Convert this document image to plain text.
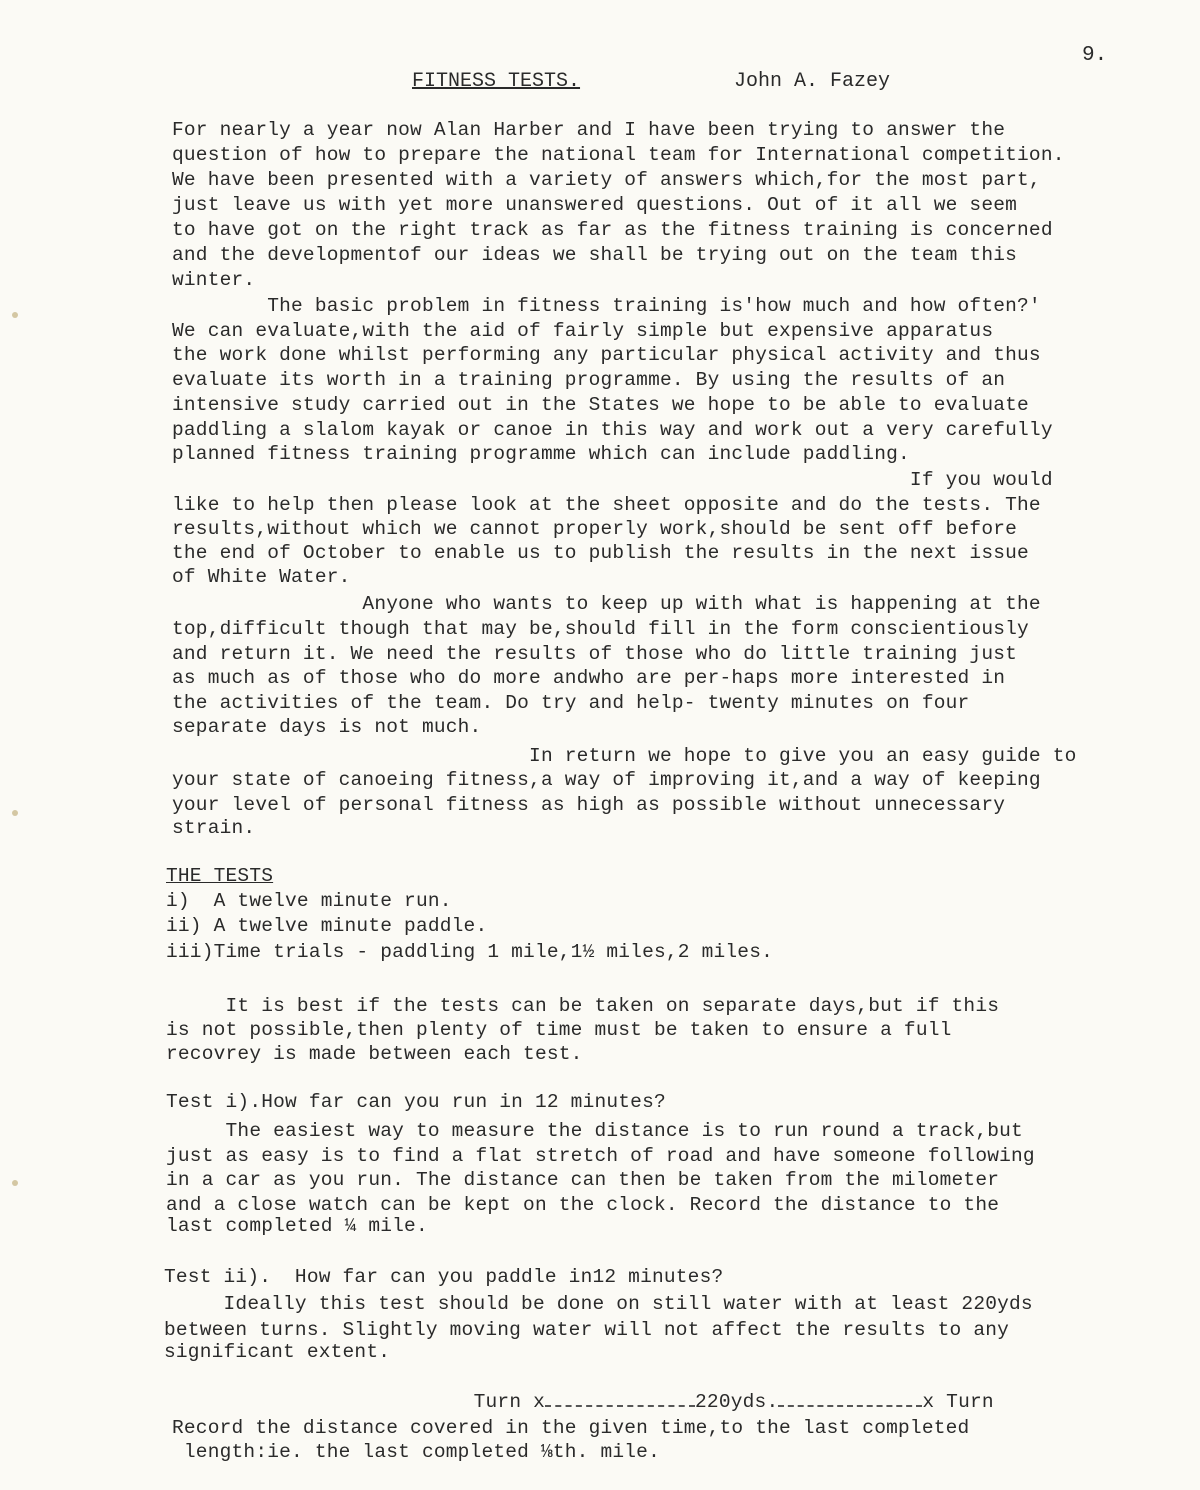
9.
FITNESS TESTS.	John A. Fazey
For nearly a year now Alan Harber and I have been trying to answer the
question of how to prepare the national team for International competition.
We have been presented with a variety of answers which,for the most part,
just leave us with yet more unanswered questions. Out of it all we seem
to have got on the right track as far as the fitness training is concerned
and the developmentof our ideas we shall be trying out on the team this
winter.
The basic problem in fitness training is'how much and how often?'
We can evaluate,with the aid of fairly simple but expensive apparatus
the work done whilst performing any particular physical activity and thus
evaluate its worth in a training programme. By using the results of an
intensive study carried out in the States we hope to be able to evaluate
paddling a slalom kayak or canoe in this way and work out a very carefully
planned fitness training programme which can include paddling.
If you would
like to help then please look at the sheet opposite and do the tests. The
results,without which we cannot properly work,should be sent off before
the end of October to enable us to publish the results in the next issue
of White Water.
Anyone who wants to keep up with what is happening at the
top,difficult though that may be,should fill in the form conscientiously
and return it. We need the results of those who do little training just
as much as of those who do more andwho are per-haps more interested in
the activities of the team. Do try and help- twenty minutes on four
separate days is not much.
In return we hope to give you an easy guide to
your state of canoeing fitness,a way of improving it,and a way of keeping
your level of personal fitness as high as possible without unnecessary
strain.
THE TESTS
i)  A twelve minute run.
ii) A twelve minute paddle.
iii)Time trials - paddling 1 mile,1½ miles,2 miles.
It is best if the tests can be taken on separate days,but if this
is not possible,then plenty of time must be taken to ensure a full
recovrey is made between each test.
Test i).How far can you run in 12 minutes?
The easiest way to measure the distance is to run round a track,but
just as easy is to find a flat stretch of road and have someone following
in a car as you run. The distance can then be taken from the milometer
and a close watch can be kept on the clock. Record the distance to the
last completed ¼ mile.
Test ii).  How far can you paddle in12 minutes?
Ideally this test should be done on still water with at least 220yds
between turns. Slightly moving water will not affect the results to any
significant extent.

Turn x	220yds.	x Turn

Record the distance covered in the given time,to the last completed
length:ie. the last completed ⅛th. mile.
